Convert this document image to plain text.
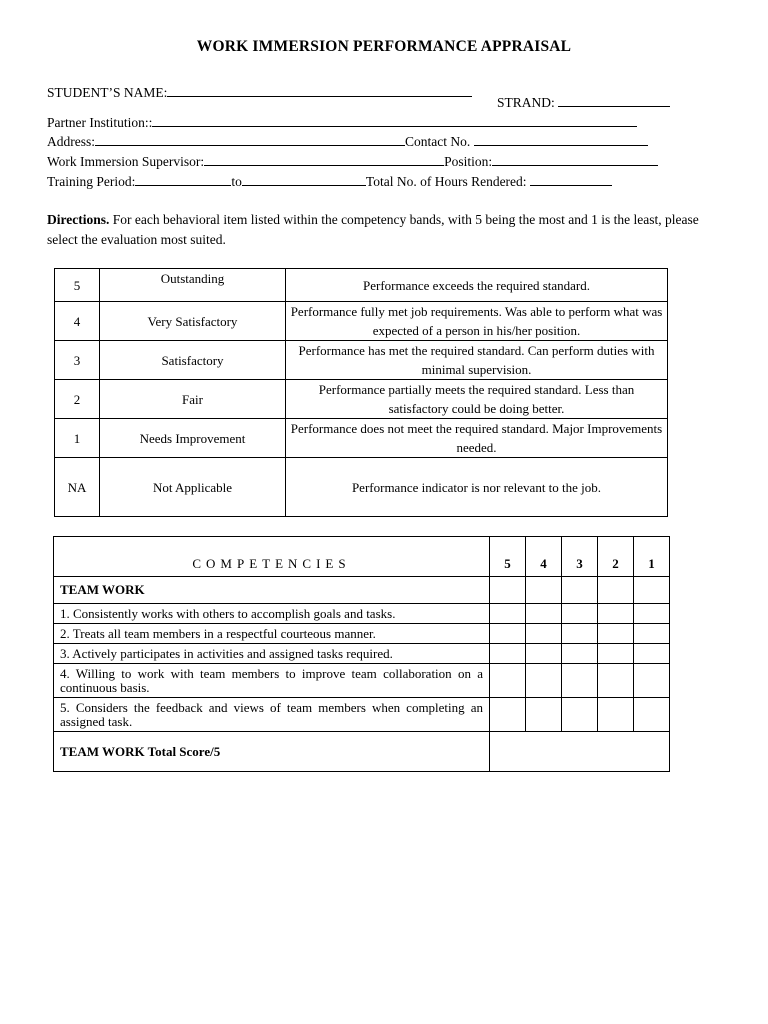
WORK IMMERSION PERFORMANCE APPRAISAL
STUDENT’S NAME:
STRAND:
Partner Institution::
Address:	Contact No.
Work Immersion Supervisor:	Position:
Training Period:	to	Total No. of Hours Rendered:
Directions. For each behavioral item listed within the competency bands, with 5 being the most and 1 is the least, please select the evaluation most suited.
5	Outstanding	Performance exceeds the required standard.
4	Very Satisfactory	Performance fully met job requirements. Was able to perform what was expected of a person in his/her position.
3	Satisfactory	Performance has met the required standard. Can perform duties with minimal supervision.
2	Fair	Performance partially meets the required standard. Less than satisfactory could be doing better.
1	Needs Improvement	Performance does not meet the required standard. Major Improvements needed.
NA	Not Applicable	Performance indicator is nor relevant to the job.
COMPETENCIES	5	4	3	2	1
TEAM WORK					
1. Consistently works with others to accomplish goals and tasks.					
2. Treats all team members in a respectful courteous manner.					
3. Actively participates in activities and assigned tasks required.					
4. Willing to work with team members to improve team collaboration on a continuous basis.					
5. Considers the feedback and views of team members when completing an assigned task.					
TEAM WORK Total Score/5					
